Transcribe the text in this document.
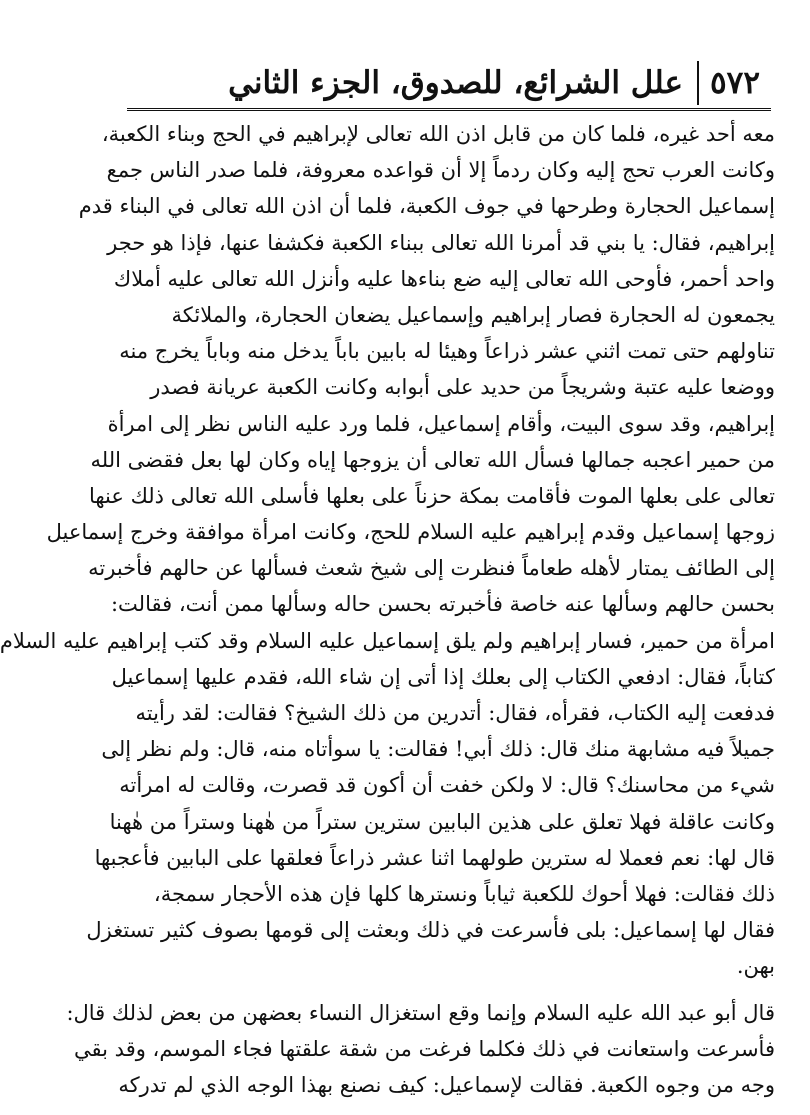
٥٧٢
علل الشرائع، للصدوق، الجزء الثاني
معه أحد غيره، فلما كان من قابل اذن الله تعالى لإبراهيم في الحج وبناء الكعبة،
وكانت العرب تحج إليه وكان ردماً إلا أن قواعده معروفة، فلما صدر الناس جمع
إسماعيل الحجارة وطرحها في جوف الكعبة، فلما أن اذن الله تعالى في البناء قدم
إبراهيم، فقال: يا بني قد أمرنا الله تعالى ببناء الكعبة فكشفا عنها، فإذا هو حجر
واحد أحمر، فأوحى الله تعالى إليه ضع بناءها عليه وأنزل الله تعالى عليه أملاك
يجمعون له الحجارة فصار إبراهيم وإسماعيل يضعان الحجارة، والملائكة
تناولهم حتى تمت اثني عشر ذراعاً وهيئا له بابين باباً يدخل منه وباباً يخرج منه
ووضعا عليه عتبة وشريجاً من حديد على أبوابه وكانت الكعبة عريانة فصدر
إبراهيم، وقد سوى البيت، وأقام إسماعيل، فلما ورد عليه الناس نظر إلى امرأة
من حمير اعجبه جمالها فسأل الله تعالى أن يزوجها إياه وكان لها بعل فقضى الله
تعالى على بعلها الموت فأقامت بمكة حزناً على بعلها فأسلى الله تعالى ذلك عنها
زوجها إسماعيل وقدم إبراهيم عليه السلام للحج، وكانت امرأة موافقة وخرج إسماعيل
إلى الطائف يمتار لأهله طعاماً فنظرت إلى شيخ شعث فسألها عن حالهم فأخبرته
بحسن حالهم وسألها عنه خاصة فأخبرته بحسن حاله وسألها ممن أنت، فقالت:
امرأة من حمير، فسار إبراهيم ولم يلق إسماعيل عليه السلام وقد كتب إبراهيم عليه السلام
كتاباً، فقال: ادفعي الكتاب إلى بعلك إذا أتى إن شاء الله، فقدم عليها إسماعيل
فدفعت إليه الكتاب، فقرأه، فقال: أتدرين من ذلك الشيخ؟ فقالت: لقد رأيته
جميلاً فيه مشابهة منك قال: ذلك أبي! فقالت: يا سوأتاه منه، قال: ولم نظر إلى
شيء من محاسنك؟ قال: لا ولكن خفت أن أكون قد قصرت، وقالت له امرأته
وكانت عاقلة فهلا تعلق على هذين البابين سترين ستراً من هٰهنا وستراً من هٰهنا
قال لها: نعم فعملا له سترين طولهما اثنا عشر ذراعاً فعلقها على البابين فأعجبها
ذلك فقالت: فهلا أحوك للكعبة ثياباً ونسترها كلها فإن هذه الأحجار سمجة،
فقال لها إسماعيل: بلى فأسرعت في ذلك وبعثت إلى قومها بصوف كثير تستغزل
بهن.
قال أبو عبد الله عليه السلام وإنما وقع استغزال النساء بعضهن من بعض لذلك قال:
فأسرعت واستعانت في ذلك فكلما فرغت من شقة علقتها فجاء الموسم، وقد بقي
وجه من وجوه الكعبة. فقالت لإسماعيل: كيف نصنع بهذا الوجه الذي لم تدركه
